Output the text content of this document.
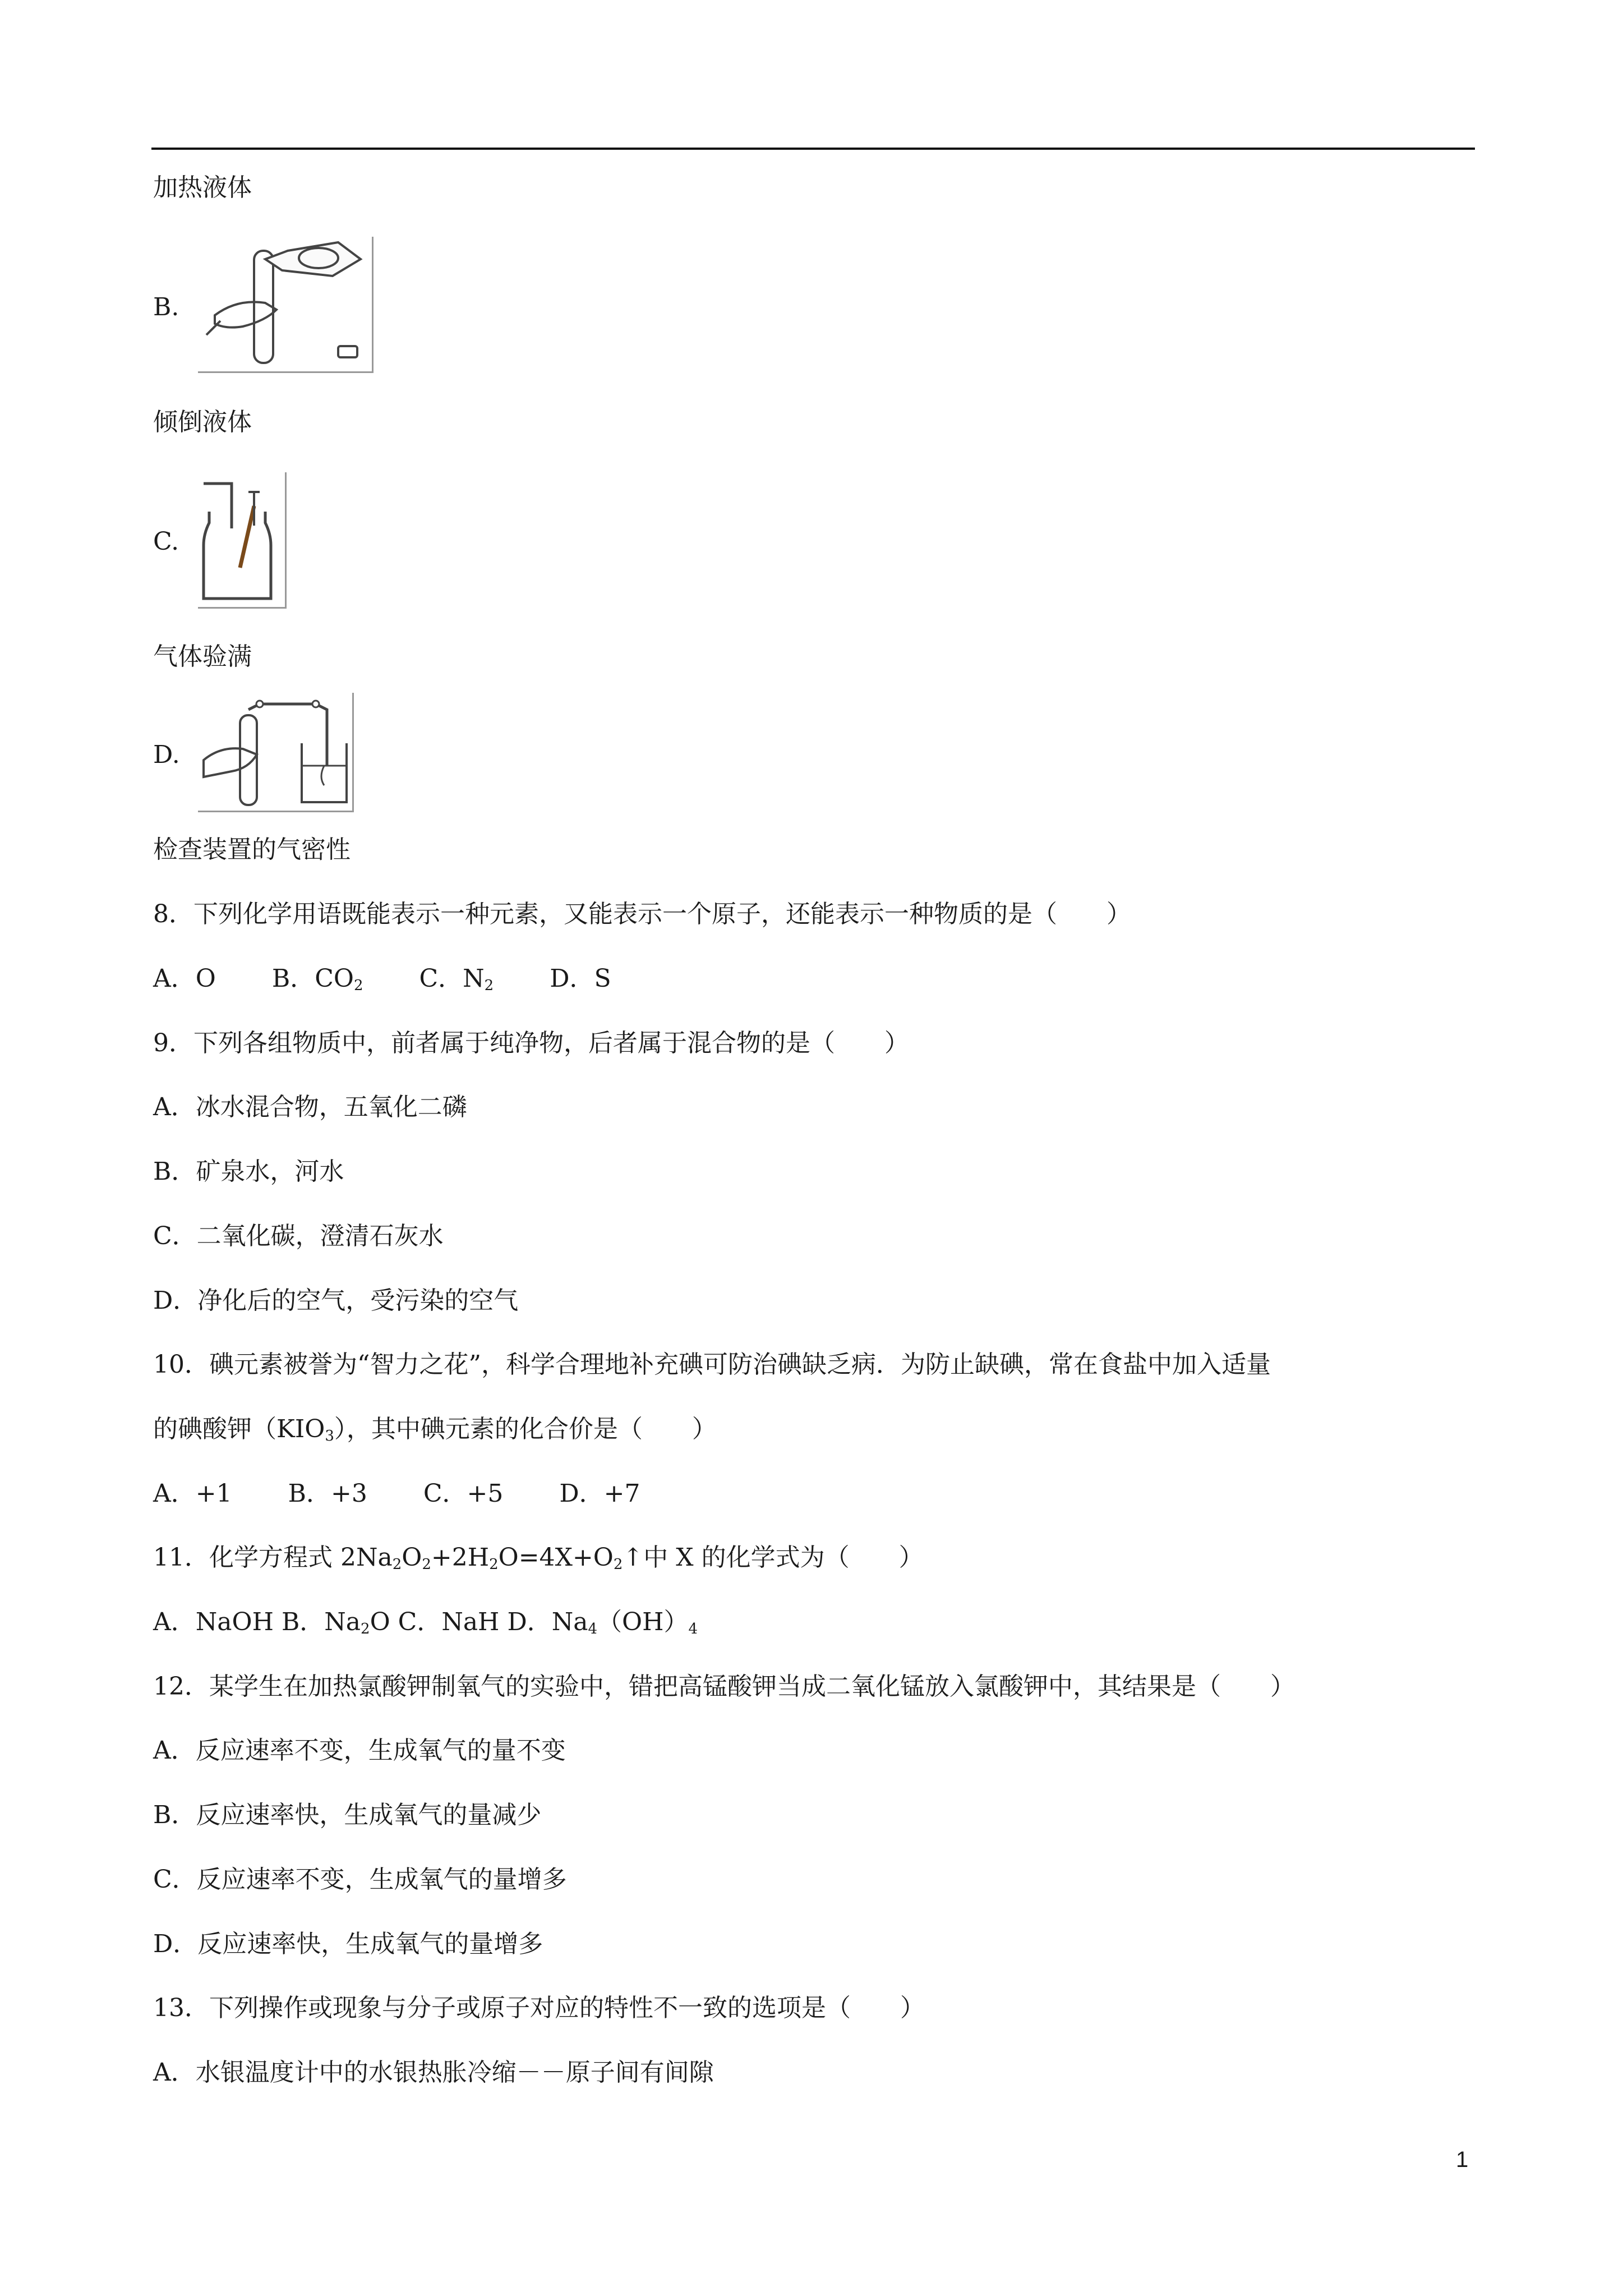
加热液体
B.
倾倒液体
C.
气体验满
D.
检查装置的气密性
8．下列化学用语既能表示一种元素，又能表示一个原子，还能表示一种物质的是（　　）
A．O B．$CO_2$ C．$N_2$ D．S
9．下列各组物质中，前者属于纯净物，后者属于混合物的是（　　）
A．冰水混合物，五氧化二磷
B．矿泉水，河水
C．二氧化碳，澄清石灰水
D．净化后的空气，受污染的空气
10．碘元素被誉为“智力之花”，科学合理地补充碘可防治碘缺乏病．为防止缺碘，常在食盐中加入适量
的碘酸钾$(KIO_3)$，其中碘元素的化合价是（　　）
A．+1 B．+3 C．+5 D．+7
11．化学方程式 $2Na_2O_2+2H_2O=4X+O_2↑$中 X 的化学式为（　　）
A．NaOH B．$Na_2O$ C．NaH D．$Na_4(OH)_4$
12．某学生在加热氯酸钾制氧气的实验中，错把高锰酸钾当成二氧化锰放入氯酸钾中，其结果是（　　）
A．反应速率不变，生成氧气的量不变
B．反应速率快，生成氧气的量减少
C．反应速率不变，生成氧气的量增多
D．反应速率快，生成氧气的量增多
13．下列操作或现象与分子或原子对应的特性不一致的选项是（　　）
A．水银温度计中的水银热胀冷缩－－原子间有间隙
1
